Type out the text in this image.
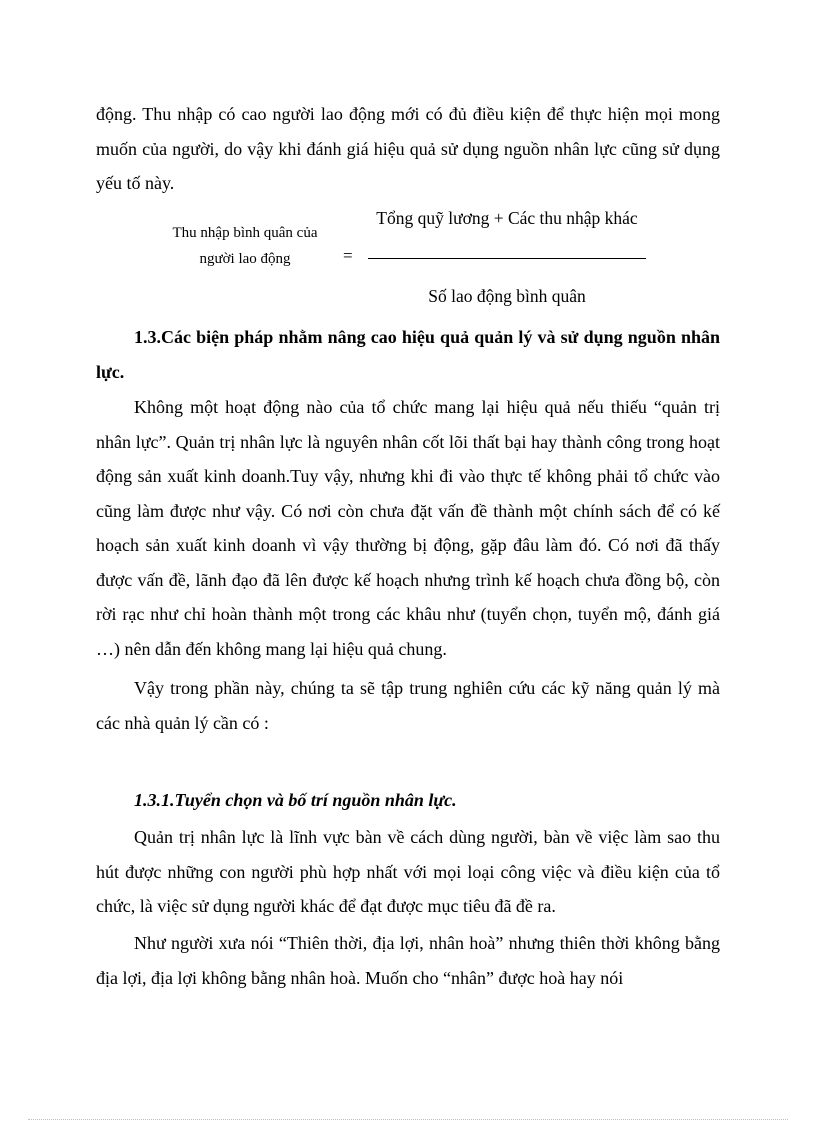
động. Thu nhập có cao người lao động mới có đủ điều kiện để thực hiện mọi mong muốn của người, do vậy khi đánh giá hiệu quả sử dụng nguồn nhân lực cũng sử dụng yếu tố này.

Thu nhập bình quân của
người lao động	=
Tổng quỹ lương + Các thu nhập khác
Số lao động bình quân

1.3.Các biện pháp nhằm nâng cao hiệu quả quản lý và sử dụng nguồn nhân lực.

Không một hoạt động nào của tổ chức mang lại hiệu quả nếu thiếu “quản trị nhân lực”. Quản trị nhân lực là nguyên nhân cốt lõi thất bại hay thành công trong hoạt động sản xuất kinh doanh.Tuy vậy, nhưng khi đi vào thực tế không phải tổ chức vào cũng làm được như vậy. Có nơi còn chưa đặt vấn đề thành một chính sách để có kế hoạch sản xuất kinh doanh vì vậy thường bị động, gặp đâu làm đó. Có nơi đã thấy được vấn đề, lãnh đạo đã lên được kế hoạch nhưng trình kế hoạch chưa đồng bộ, còn rời rạc như chỉ hoàn thành một trong các khâu như (tuyển chọn, tuyển mộ, đánh giá …) nên dẫn đến không mang lại hiệu quả chung.

Vậy trong phần này, chúng ta sẽ tập trung nghiên cứu các kỹ năng quản lý mà các nhà quản lý cần có :

1.3.1.Tuyển chọn và bố trí nguồn nhân lực.

Quản trị nhân lực là lĩnh vực bàn về cách dùng người, bàn về việc làm sao thu hút được những con người phù hợp nhất với mọi loại công việc và điều kiện của tổ chức, là việc sử dụng người khác để đạt được mục tiêu đã đề ra.

Như người xưa nói “Thiên thời, địa lợi, nhân hoà” nhưng thiên thời không bằng địa lợi, địa lợi không bằng nhân hoà. Muốn cho “nhân” được hoà hay nói
